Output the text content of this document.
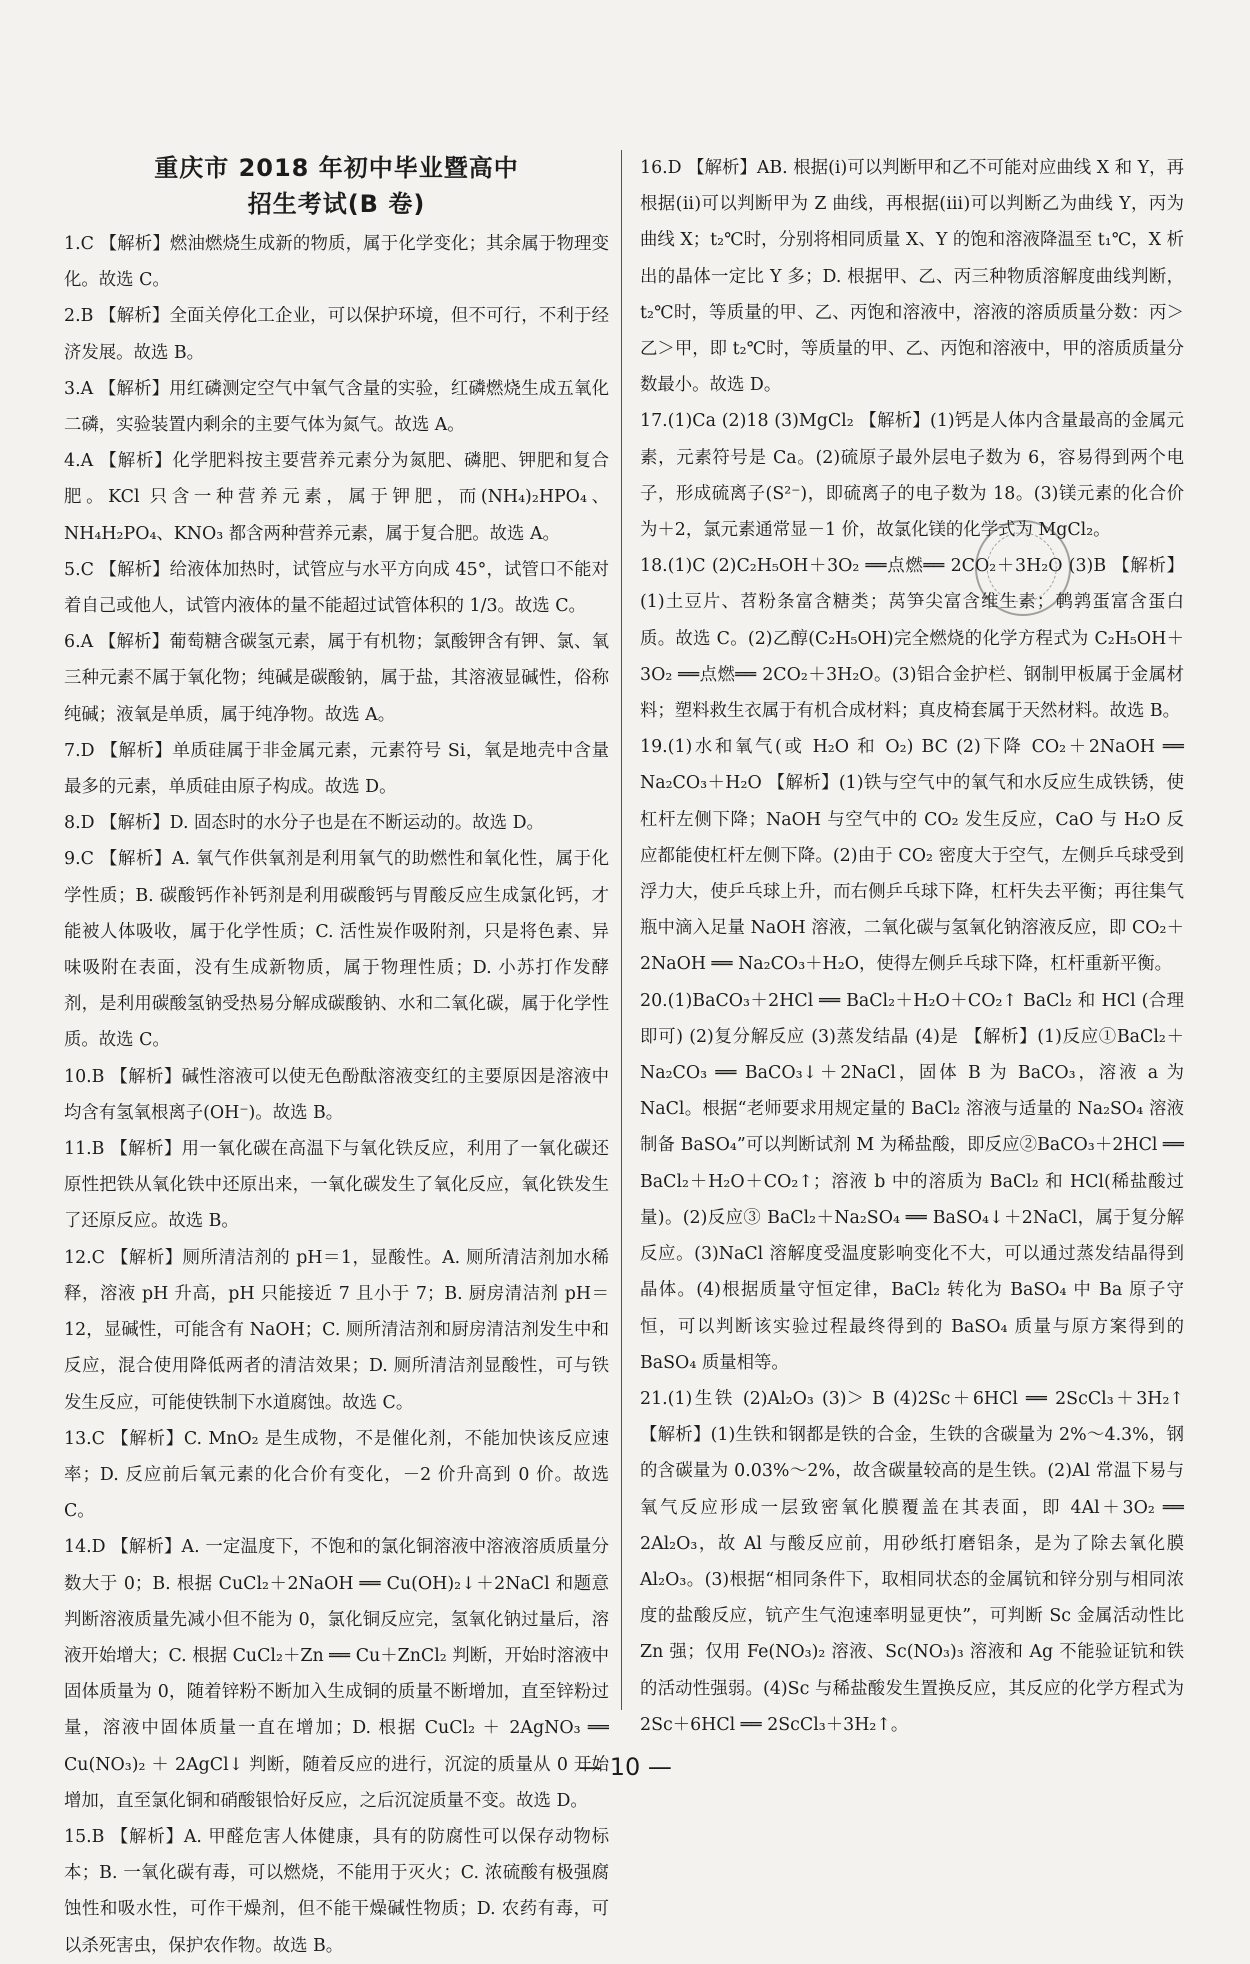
重庆市 2018 年初中毕业暨高中
招生考试(B 卷)
1.C 【解析】燃油燃烧生成新的物质，属于化学变化；其余属于物理变化。故选 C。
2.B 【解析】全面关停化工企业，可以保护环境，但不可行，不利于经济发展。故选 B。
3.A 【解析】用红磷测定空气中氧气含量的实验，红磷燃烧生成五氧化二磷，实验装置内剩余的主要气体为氮气。故选 A。
4.A 【解析】化学肥料按主要营养元素分为氮肥、磷肥、钾肥和复合肥。KCl 只含一种营养元素，属于钾肥，而(NH₄)₂HPO₄、NH₄H₂PO₄、KNO₃ 都含两种营养元素，属于复合肥。故选 A。
5.C 【解析】给液体加热时，试管应与水平方向成 45°，试管口不能对着自己或他人，试管内液体的量不能超过试管体积的 1/3。故选 C。
6.A 【解析】葡萄糖含碳氢元素，属于有机物；氯酸钾含有钾、氯、氧三种元素不属于氧化物；纯碱是碳酸钠，属于盐，其溶液显碱性，俗称纯碱；液氧是单质，属于纯净物。故选 A。
7.D 【解析】单质硅属于非金属元素，元素符号 Si，氧是地壳中含量最多的元素，单质硅由原子构成。故选 D。
8.D 【解析】D. 固态时的水分子也是在不断运动的。故选 D。
9.C 【解析】A. 氧气作供氧剂是利用氧气的助燃性和氧化性，属于化学性质；B. 碳酸钙作补钙剂是利用碳酸钙与胃酸反应生成氯化钙，才能被人体吸收，属于化学性质；C. 活性炭作吸附剂，只是将色素、异味吸附在表面，没有生成新物质，属于物理性质；D. 小苏打作发酵剂，是利用碳酸氢钠受热易分解成碳酸钠、水和二氧化碳，属于化学性质。故选 C。
10.B 【解析】碱性溶液可以使无色酚酞溶液变红的主要原因是溶液中均含有氢氧根离子(OH⁻)。故选 B。
11.B 【解析】用一氧化碳在高温下与氧化铁反应，利用了一氧化碳还原性把铁从氧化铁中还原出来，一氧化碳发生了氧化反应，氧化铁发生了还原反应。故选 B。
12.C 【解析】厕所清洁剂的 pH＝1，显酸性。A. 厕所清洁剂加水稀释，溶液 pH 升高，pH 只能接近 7 且小于 7；B. 厨房清洁剂 pH＝12，显碱性，可能含有 NaOH；C. 厕所清洁剂和厨房清洁剂发生中和反应，混合使用降低两者的清洁效果；D. 厕所清洁剂显酸性，可与铁发生反应，可能使铁制下水道腐蚀。故选 C。
13.C 【解析】C. MnO₂ 是生成物，不是催化剂，不能加快该反应速率；D. 反应前后氧元素的化合价有变化，－2 价升高到 0 价。故选 C。
14.D 【解析】A. 一定温度下，不饱和的氯化铜溶液中溶液溶质质量分数大于 0；B. 根据 CuCl₂＋2NaOH ══ Cu(OH)₂↓＋2NaCl 和题意判断溶液质量先减小但不能为 0，氯化铜反应完，氢氧化钠过量后，溶液开始增大；C. 根据 CuCl₂＋Zn ══ Cu＋ZnCl₂ 判断，开始时溶液中固体质量为 0，随着锌粉不断加入生成铜的质量不断增加，直至锌粉过量，溶液中固体质量一直在增加；D. 根据 CuCl₂ ＋ 2AgNO₃ ══ Cu(NO₃)₂ ＋ 2AgCl↓ 判断，随着反应的进行，沉淀的质量从 0 开始增加，直至氯化铜和硝酸银恰好反应，之后沉淀质量不变。故选 D。
15.B 【解析】A. 甲醛危害人体健康，具有的防腐性可以保存动物标本；B. 一氧化碳有毒，可以燃烧，不能用于灭火；C. 浓硫酸有极强腐蚀性和吸水性，可作干燥剂，但不能干燥碱性物质；D. 农药有毒，可以杀死害虫，保护农作物。故选 B。
16.D 【解析】AB. 根据(ⅰ)可以判断甲和乙不可能对应曲线 X 和 Y，再根据(ⅱ)可以判断甲为 Z 曲线，再根据(ⅲ)可以判断乙为曲线 Y，丙为曲线 X；t₂℃时，分别将相同质量 X、Y 的饱和溶液降温至 t₁℃，X 析出的晶体一定比 Y 多；D. 根据甲、乙、丙三种物质溶解度曲线判断，t₂℃时，等质量的甲、乙、丙饱和溶液中，溶液的溶质质量分数：丙＞乙＞甲，即 t₂℃时，等质量的甲、乙、丙饱和溶液中，甲的溶质质量分数最小。故选 D。
17.(1)Ca (2)18 (3)MgCl₂ 【解析】(1)钙是人体内含量最高的金属元素，元素符号是 Ca。(2)硫原子最外层电子数为 6，容易得到两个电子，形成硫离子(S²⁻)，即硫离子的电子数为 18。(3)镁元素的化合价为＋2，氯元素通常显－1 价，故氯化镁的化学式为 MgCl₂。
18.(1)C (2)C₂H₅OH＋3O₂ ══点燃══ 2CO₂＋3H₂O (3)B 【解析】(1)土豆片、苕粉条富含糖类；莴笋尖富含维生素；鹌鹑蛋富含蛋白质。故选 C。(2)乙醇(C₂H₅OH)完全燃烧的化学方程式为 C₂H₅OH＋3O₂ ══点燃══ 2CO₂＋3H₂O。(3)铝合金护栏、钢制甲板属于金属材料；塑料救生衣属于有机合成材料；真皮椅套属于天然材料。故选 B。
19.(1)水和氧气(或 H₂O 和 O₂) BC (2)下降 CO₂＋2NaOH ══ Na₂CO₃＋H₂O 【解析】(1)铁与空气中的氧气和水反应生成铁锈，使杠杆左侧下降；NaOH 与空气中的 CO₂ 发生反应，CaO 与 H₂O 反应都能使杠杆左侧下降。(2)由于 CO₂ 密度大于空气，左侧乒乓球受到浮力大，使乒乓球上升，而右侧乒乓球下降，杠杆失去平衡；再往集气瓶中滴入足量 NaOH 溶液，二氧化碳与氢氧化钠溶液反应，即 CO₂＋2NaOH ══ Na₂CO₃＋H₂O，使得左侧乒乓球下降，杠杆重新平衡。
20.(1)BaCO₃＋2HCl ══ BaCl₂＋H₂O＋CO₂↑ BaCl₂ 和 HCl (合理即可) (2)复分解反应 (3)蒸发结晶 (4)是 【解析】(1)反应①BaCl₂＋Na₂CO₃ ══ BaCO₃↓＋2NaCl，固体 B 为 BaCO₃，溶液 a 为 NaCl。根据“老师要求用规定量的 BaCl₂ 溶液与适量的 Na₂SO₄ 溶液制备 BaSO₄”可以判断试剂 M 为稀盐酸，即反应②BaCO₃＋2HCl ══ BaCl₂＋H₂O＋CO₂↑；溶液 b 中的溶质为 BaCl₂ 和 HCl(稀盐酸过量)。(2)反应③ BaCl₂＋Na₂SO₄ ══ BaSO₄↓＋2NaCl，属于复分解反应。(3)NaCl 溶解度受温度影响变化不大，可以通过蒸发结晶得到晶体。(4)根据质量守恒定律，BaCl₂ 转化为 BaSO₄ 中 Ba 原子守恒，可以判断该实验过程最终得到的 BaSO₄ 质量与原方案得到的 BaSO₄ 质量相等。
21.(1)生铁 (2)Al₂O₃ (3)＞ B (4)2Sc＋6HCl ══ 2ScCl₃＋3H₂↑ 【解析】(1)生铁和钢都是铁的合金，生铁的含碳量为 2%～4.3%，钢的含碳量为 0.03%～2%，故含碳量较高的是生铁。(2)Al 常温下易与氧气反应形成一层致密氧化膜覆盖在其表面，即 4Al＋3O₂ ══ 2Al₂O₃，故 Al 与酸反应前，用砂纸打磨铝条，是为了除去氧化膜 Al₂O₃。(3)根据“相同条件下，取相同状态的金属钪和锌分别与相同浓度的盐酸反应，钪产生气泡速率明显更快”，可判断 Sc 金属活动性比 Zn 强；仅用 Fe(NO₃)₂ 溶液、Sc(NO₃)₃ 溶液和 Ag 不能验证钪和铁的活动性强弱。(4)Sc 与稀盐酸发生置换反应，其反应的化学方程式为 2Sc＋6HCl ══ 2ScCl₃＋3H₂↑。
— 10 —
